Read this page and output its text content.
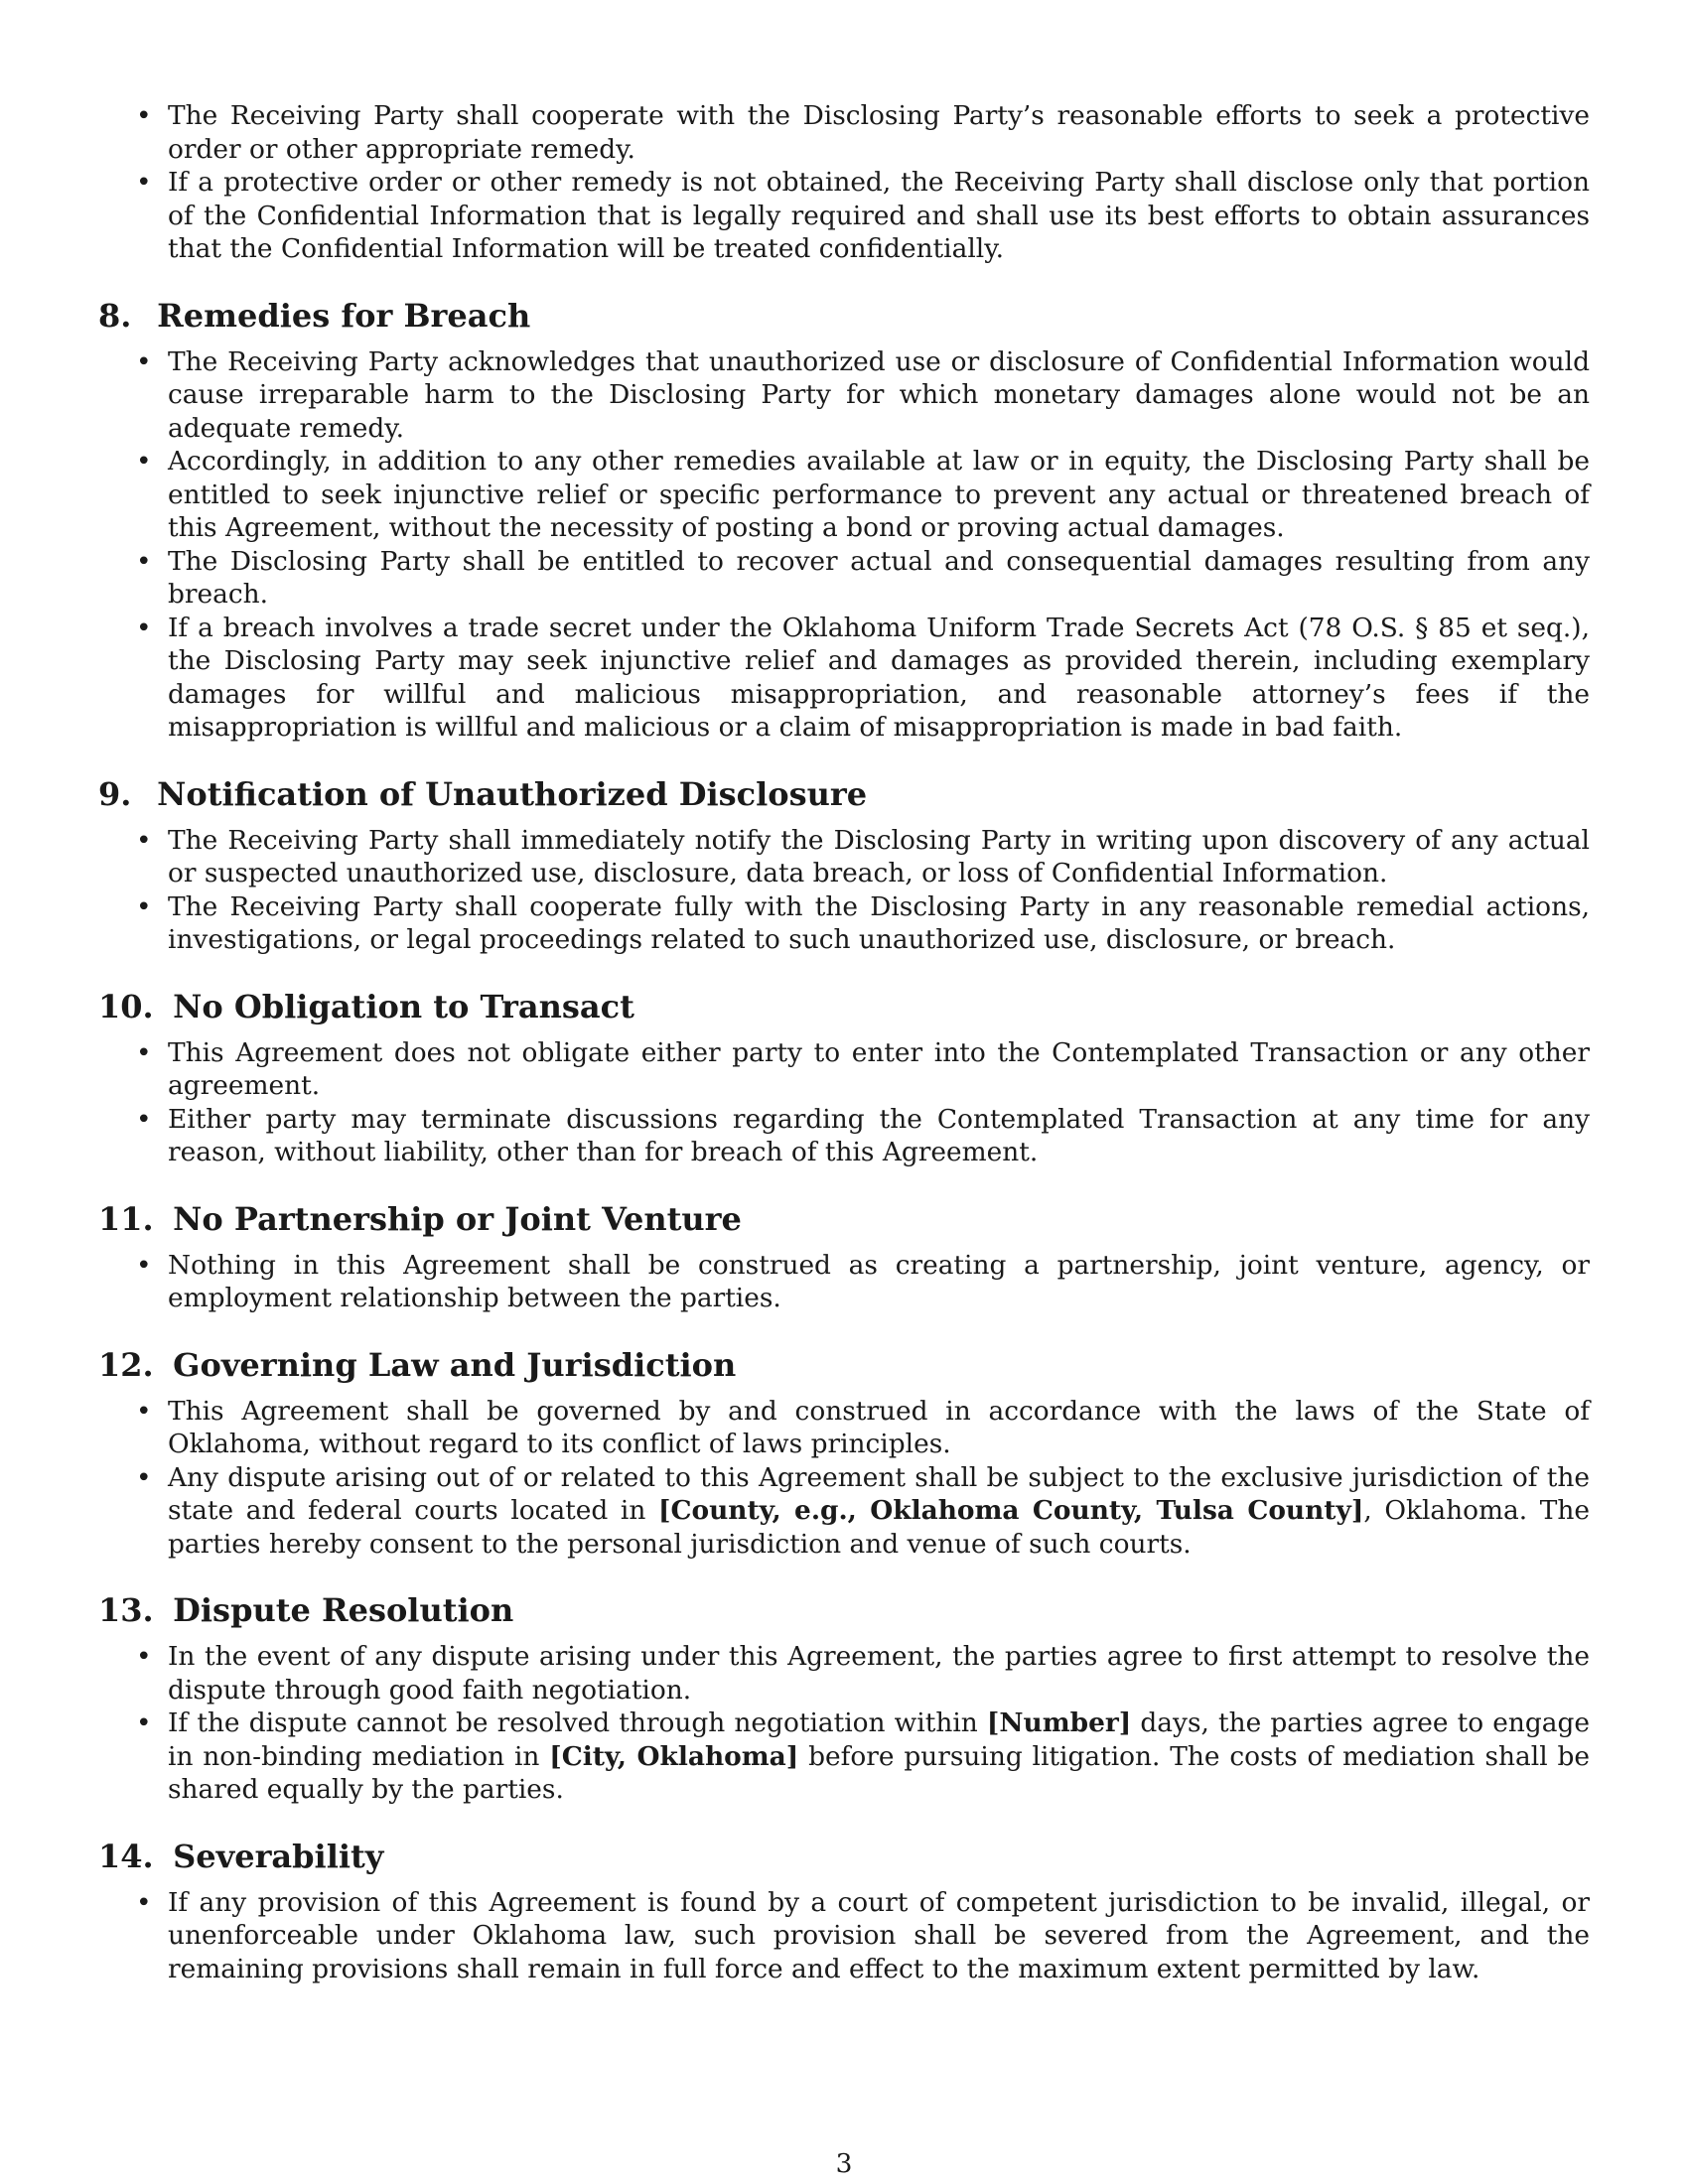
• The Receiving Party shall cooperate with the Disclosing Party’s reasonable efforts to seek a protective order or other appropriate remedy.
• If a protective order or other remedy is not obtained, the Receiving Party shall disclose only that portion of the Confidential Information that is legally required and shall use its best efforts to obtain assurances that the Confidential Information will be treated confidentially.
8. Remedies for Breach
• The Receiving Party acknowledges that unauthorized use or disclosure of Confidential Information would cause irreparable harm to the Disclosing Party for which monetary damages alone would not be an adequate remedy.
• Accordingly, in addition to any other remedies available at law or in equity, the Disclosing Party shall be entitled to seek injunctive relief or specific performance to prevent any actual or threatened breach of this Agreement, without the necessity of posting a bond or proving actual damages.
• The Disclosing Party shall be entitled to recover actual and consequential damages resulting from any breach.
• If a breach involves a trade secret under the Oklahoma Uniform Trade Secrets Act (78 O.S. § 85 et seq.), the Disclosing Party may seek injunctive relief and damages as provided therein, including exemplary damages for willful and malicious misappropriation, and reasonable attorney’s fees if the misappropriation is willful and malicious or a claim of misappropriation is made in bad faith.
9. Notification of Unauthorized Disclosure
• The Receiving Party shall immediately notify the Disclosing Party in writing upon discovery of any actual or suspected unauthorized use, disclosure, data breach, or loss of Confidential Information.
• The Receiving Party shall cooperate fully with the Disclosing Party in any reasonable remedial actions, investigations, or legal proceedings related to such unauthorized use, disclosure, or breach.
10. No Obligation to Transact
• This Agreement does not obligate either party to enter into the Contemplated Transaction or any other agreement.
• Either party may terminate discussions regarding the Contemplated Transaction at any time for any reason, without liability, other than for breach of this Agreement.
11. No Partnership or Joint Venture
• Nothing in this Agreement shall be construed as creating a partnership, joint venture, agency, or employment relationship between the parties.
12. Governing Law and Jurisdiction
• This Agreement shall be governed by and construed in accordance with the laws of the State of Oklahoma, without regard to its conflict of laws principles.
• Any dispute arising out of or related to this Agreement shall be subject to the exclusive jurisdiction of the state and federal courts located in [County, e.g., Oklahoma County, Tulsa County], Oklahoma. The parties hereby consent to the personal jurisdiction and venue of such courts.
13. Dispute Resolution
• In the event of any dispute arising under this Agreement, the parties agree to first attempt to resolve the dispute through good faith negotiation.
• If the dispute cannot be resolved through negotiation within [Number] days, the parties agree to engage in non-binding mediation in [City, Oklahoma] before pursuing litigation. The costs of mediation shall be shared equally by the parties.
14. Severability
• If any provision of this Agreement is found by a court of competent jurisdiction to be invalid, illegal, or unenforceable under Oklahoma law, such provision shall be severed from the Agreement, and the remaining provisions shall remain in full force and effect to the maximum extent permitted by law.
3
